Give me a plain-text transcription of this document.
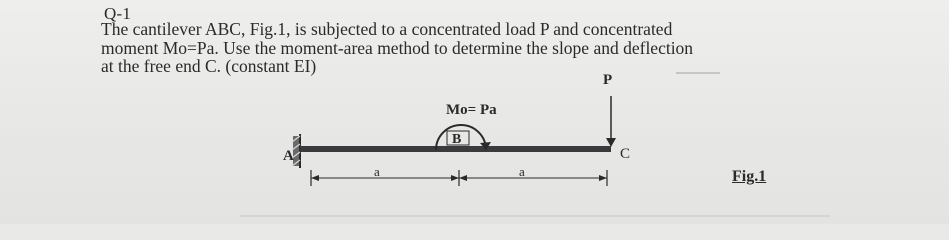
Q-1
The cantilever ABC, Fig.1, is subjected to a concentrated load P and concentrated
moment Mo=Pa. Use the moment-area method to determine the slope and deflection
at the free end C. (constant EI)
A
B
Mo= Pa
P
C
a	a	Fig.1
